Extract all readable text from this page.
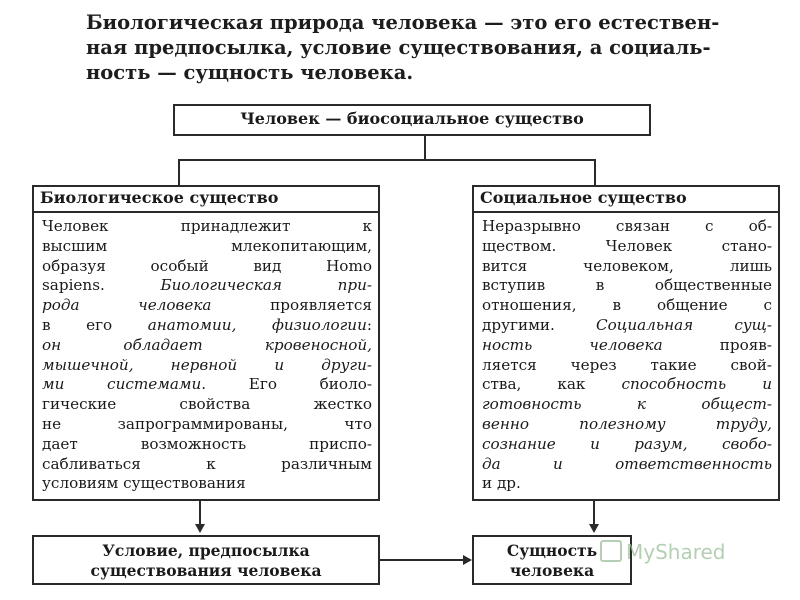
Биологическая природа человека — это его естествен-
ная предпосылка, условие существования, а социаль-
ность — сущность человека.
Человек — биосоциальное существо
Биологическое существо
Человек принадлежит к
высшим млекопитающим,
образуя особый вид Homo
sapiens. Биологическая при-
рода человека проявляется
в его анатомии, физиологии:
он обладает кровеносной,
мышечной, нервной и други-
ми системами. Его биоло-
гические свойства жестко
не запрограммированы, что
дает возможность приспо-
сабливаться к различным
условиям существования
Социальное существо
Неразрывно связан с об-
ществом. Человек стано-
вится человеком, лишь
вступив в общественные
отношения, в общение с
другими. Социальная сущ-
ность человека прояв-
ляется через такие свой-
ства, как способность и
готовность к общест-
венно полезному труду,
сознание и разум, свобо-
да и ответственность
и др.
Условие, предпосылка
существования человека
Сущность
человека
MyShared
